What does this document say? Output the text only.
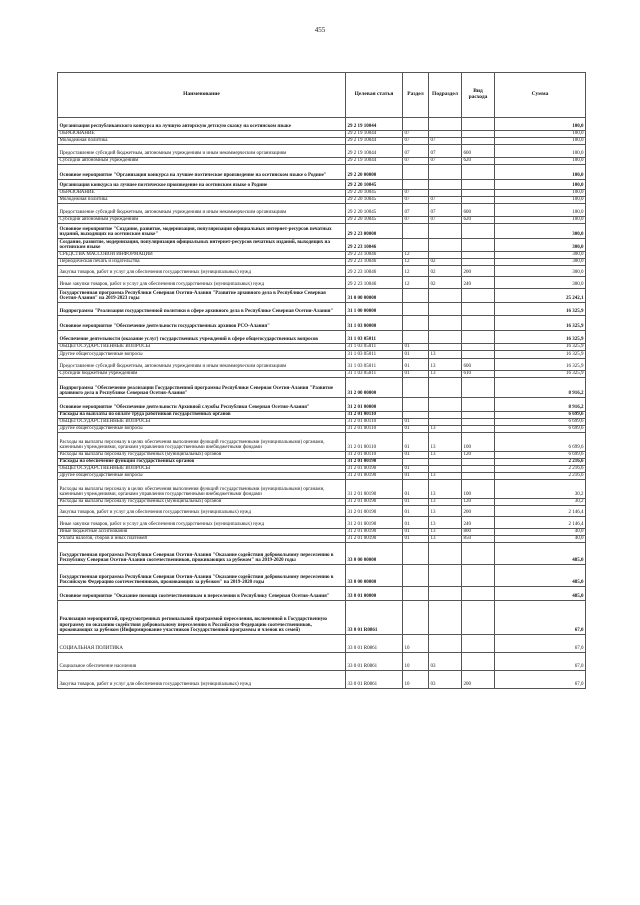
455
Наименование	Целевая статья	Раздел	Подраздел	Вид расхода	Сумма
Организация республиканского конкурса на лучшую авторскую детскую сказку на осетинском языке	29 2 19 10044				100,0
ОБРАЗОВАНИЕ	29 2 19 10044	07			100,0
Молодежная политика	29 2 19 10044	07	07		100,0
Предоставление субсидий бюджетным, автономным учреждениям и иным некоммерческим организациям	29 2 19 10044	07	07	600	100,0
Субсидии автономным учреждениям	29 2 19 10044	07	07	620	100,0
Основное мероприятие "Организация конкурса на лучшее поэтическое произведение на осетинском языке о Родине"	29 2 20 00000				100,0
Организация конкурса на лучшее поэтическое произведение на осетинском языке о Родине	29 2 20 10045				100,0
ОБРАЗОВАНИЕ	29 2 20 10045	07			100,0
Молодежная политика	29 2 20 10045	07	07		100,0
Предоставление субсидий бюджетным, автономным учреждениям и иным некоммерческим организациям	29 2 20 10045	07	07	600	100,0
Субсидии автономным учреждениям	29 2 20 10045	07	07	620	100,0
Основное мероприятие "Создание, развитие, модернизация, популяризация официальных интернет-ресурсов печатных изданий, выходящих на осетинском языке"	29 2 23 00000				300,0
Создание, развитие, модернизация, популяризация официальных интернет-ресурсов печатных изданий, выходящих на осетинском языке	29 2 23 10046				300,0
СРЕДСТВА МАССОВОЙ ИНФОРМАЦИИ	29 2 23 10046	12			300,0
Периодическая печать и издательства	29 2 23 10046	12	02		300,0
Закупка товаров, работ и услуг для обеспечения государственных (муниципальных) нужд	29 2 23 10046	12	02	200	300,0
Иные закупки товаров, работ и услуг для обеспечения государственных (муниципальных) нужд	29 2 23 10046	12	02	240	300,0
Государственная программа Республики Северная Осетия-Алания "Развитие архивного дела в Республике Северная Осетия-Алания" на 2019-2023 годы	31 0 00 00000				25 242,1
Подпрограмма "Реализация государственной политики в сфере архивного дела в Республике Северная Осетия-Алания"	31 1 00 00000				16 325,9
Основное мероприятие "Обеспечение деятельности государственных архивов РСО-Алания"	31 1 03 00000				16 325,9
Обеспечение деятельности (оказание услуг) государственных учреждений в сфере общегосударственных вопросов	31 1 03 05011				16 325,9
ОБЩЕГОСУДАРСТВЕННЫЕ ВОПРОСЫ	31 1 03 05011	01			16 325,9
Другие общегосударственные вопросы	31 1 03 05011	01	13		16 325,9
Предоставление субсидий бюджетным, автономным учреждениям и иным некоммерческим организациям	31 1 03 05011	01	13	600	16 325,9
Субсидии бюджетным учреждениям	31 1 03 05011	01	13	610	16 325,9
Подпрограмма "Обеспечение реализации Государственной программы Республики Северная Осетия-Алания "Развитие архивного дела в Республике Северная Осетия-Алания"	31 2 00 00000				8 916,2
Основное мероприятие "Обеспечение деятельности Архивной службы Республики Северная Осетия-Алания"	31 2 01 00000				8 916,2
Расходы на выплаты по оплате труда работников государственных органов	31 2 01 00110				6 699,6
ОБЩЕГОСУДАРСТВЕННЫЕ ВОПРОСЫ	31 2 01 00110	01			6 699,6
Другие общегосударственные вопросы	31 2 01 00110	01	13		6 699,6
Расходы на выплаты персоналу в целях обеспечения выполнения функций государственными (муниципальными) органами, казенными учреждениями, органами управления государственными внебюджетными фондами	31 2 01 00110	01	13	100	6 699,6
Расходы на выплаты персоналу государственных (муниципальных) органов	31 2 01 00110	01	13	120	6 699,6
Расходы на обеспечение функций государственных органов	31 2 01 00190				2 216,6
ОБЩЕГОСУДАРСТВЕННЫЕ ВОПРОСЫ	31 2 01 00190	01			2 216,6
Другие общегосударственные вопросы	31 2 01 00190	01	13		2 216,6
Расходы на выплаты персоналу в целях обеспечения выполнения функций государственными (муниципальными) органами, казенными учреждениями, органами управления государственными внебюджетными фондами	31 2 01 00190	01	13	100	30,2
Расходы на выплаты персоналу государственных (муниципальных) органов	31 2 01 00190	01	13	120	30,2
Закупка товаров, работ и услуг для обеспечения государственных (муниципальных) нужд	31 2 01 00190	01	13	200	2 146,4
Иные закупки товаров, работ и услуг для обеспечения государственных (муниципальных) нужд	31 2 01 00190	01	13	240	2 146,4
Иные бюджетные ассигнования	31 2 01 00190	01	13	800	40,0
Уплата налогов, сборов и иных платежей	31 2 01 00190	01	13	850	40,0
Государственная программа Республики Северная Осетия-Алания "Оказание содействия добровольному переселению в Республику Северная Осетия-Алания соотечественников, проживающих за рубежом" на 2019-2020 годы	33 0 00 00000				485,0
Государственная программа Республики Северная Осетия-Алания "Оказание содействия добровольному переселению в Российскую Федерацию соотечественников, проживающих за рубежом" на 2019-2020 годы	33 0 00 00000				485,0
Основное мероприятие "Оказание помощи соотечественникам в переселении в Республику Северная Осетия-Алания"	33 0 01 00000				485,0
Реализация мероприятий, предусмотренных региональной программой переселения, включенной в Государственную программу по оказанию содействия добровольному переселению в Российскую Федерацию соотечественников, проживающих за рубежом (Информирование участников Государственной программы и членов их семей)	33 0 01 R0861				67,0
СОЦИАЛЬНАЯ ПОЛИТИКА	33 0 01 R0861	10			67,0
Социальное обеспечение населения	33 0 01 R0861	10	03		67,0
Закупка товаров, работ и услуг для обеспечения государственных (муниципальных) нужд	33 0 01 R0861	10	03	200	67,0
